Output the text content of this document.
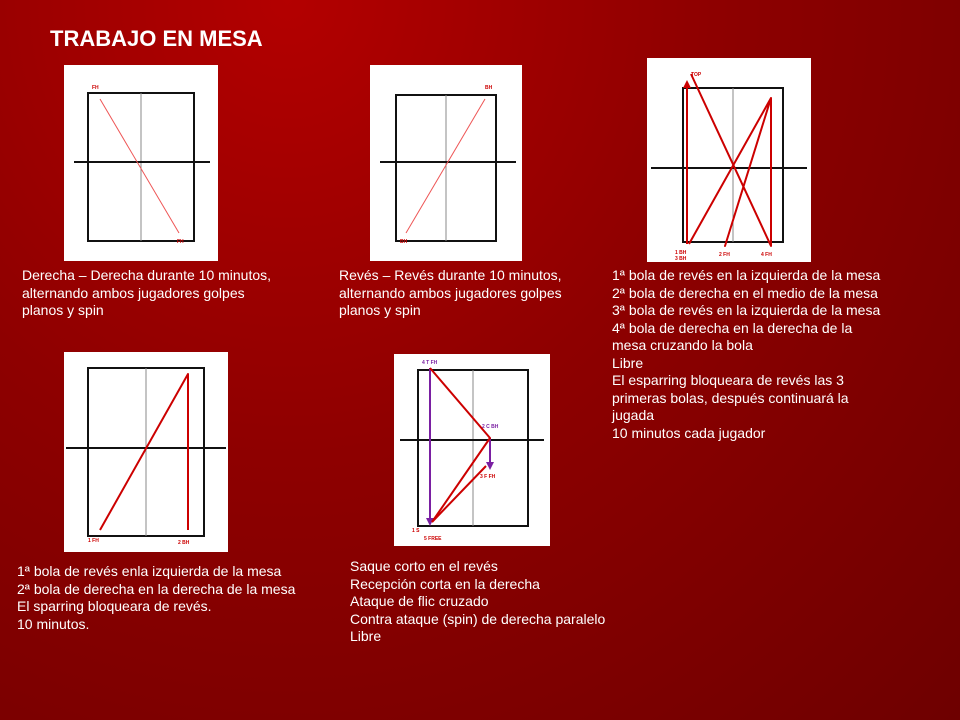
TRABAJO EN MESA
FH
FH
Derecha – Derecha durante 10 minutos,
alternando ambos jugadores golpes
planos y spin
BH
BH
Revés – Revés durante 10 minutos,
alternando ambos jugadores golpes
planos y spin
TOP
1 BH
3 BH
2 FH	4 FH
1ª bola de revés en la izquierda de la mesa
2ª bola de derecha en el medio de la mesa
3ª bola de revés en la izquierda de la mesa
4ª bola de derecha en la derecha de la
mesa cruzando la bola
Libre
El esparring bloqueara de revés las 3
primeras bolas, después continuará la
jugada
10 minutos cada jugador
1 FH	2 BH
1ª bola de revés enla izquierda de la mesa
2ª bola de derecha en la derecha de la mesa
El sparring bloqueara de revés.
10 minutos.
4 T FH
2 C BH
3 F FH
1 S
5 FREE
Saque corto en el revés
Recepción corta en la derecha
Ataque de flic cruzado
Contra ataque (spin) de derecha paralelo
Libre
